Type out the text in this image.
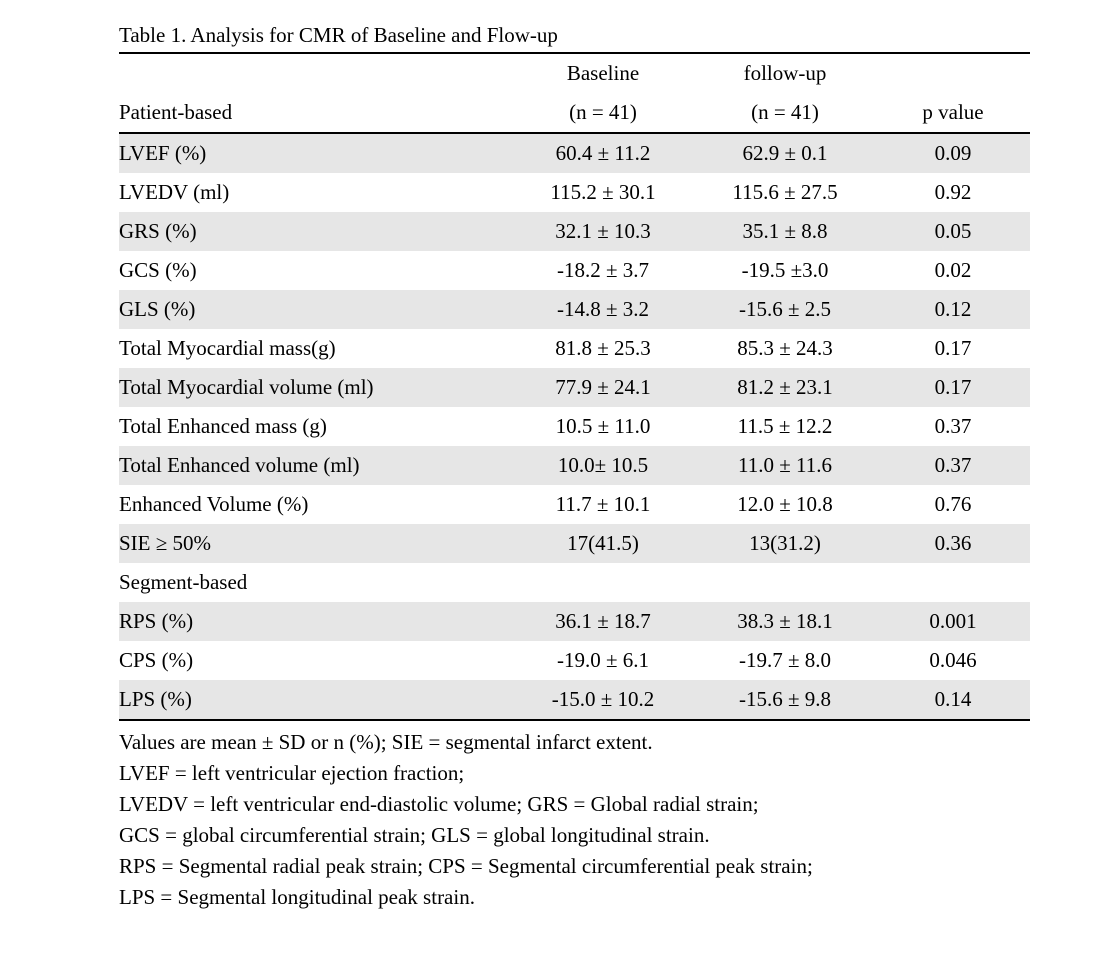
Table 1. Analysis for CMR of Baseline and Flow-up
	Baseline	follow-up	
Patient-based	(n = 41)	(n = 41)	p value
LVEF (%)	60.4 ± 11.2	62.9 ± 0.1	0.09
LVEDV (ml)	115.2 ± 30.1	115.6 ± 27.5	0.92
GRS (%)	32.1 ± 10.3	35.1 ± 8.8	0.05
GCS (%)	-18.2 ± 3.7	-19.5 ±3.0	0.02
GLS (%)	-14.8 ± 3.2	-15.6 ± 2.5	0.12
Total Myocardial mass(g)	81.8 ± 25.3	85.3 ± 24.3	0.17
Total Myocardial volume (ml)	77.9 ± 24.1	81.2 ± 23.1	0.17
Total Enhanced mass (g)	10.5 ± 11.0	11.5 ± 12.2	0.37
Total Enhanced volume (ml)	10.0± 10.5	11.0 ± 11.6	0.37
Enhanced Volume (%)	11.7 ± 10.1	12.0 ± 10.8	0.76
SIE ≥ 50%	17(41.5)	13(31.2)	0.36
Segment-based			
RPS (%)	36.1 ± 18.7	38.3 ± 18.1	0.001
CPS (%)	-19.0 ± 6.1	-19.7 ± 8.0	0.046
LPS (%)	-15.0 ± 10.2	-15.6 ± 9.8	0.14
Values are mean ± SD or n (%); SIE = segmental infarct extent.
LVEF = left ventricular ejection fraction;
LVEDV = left ventricular end-diastolic volume; GRS = Global radial strain;
GCS = global circumferential strain; GLS = global longitudinal strain.
RPS = Segmental radial peak strain; CPS = Segmental circumferential peak strain;
LPS = Segmental longitudinal peak strain.
